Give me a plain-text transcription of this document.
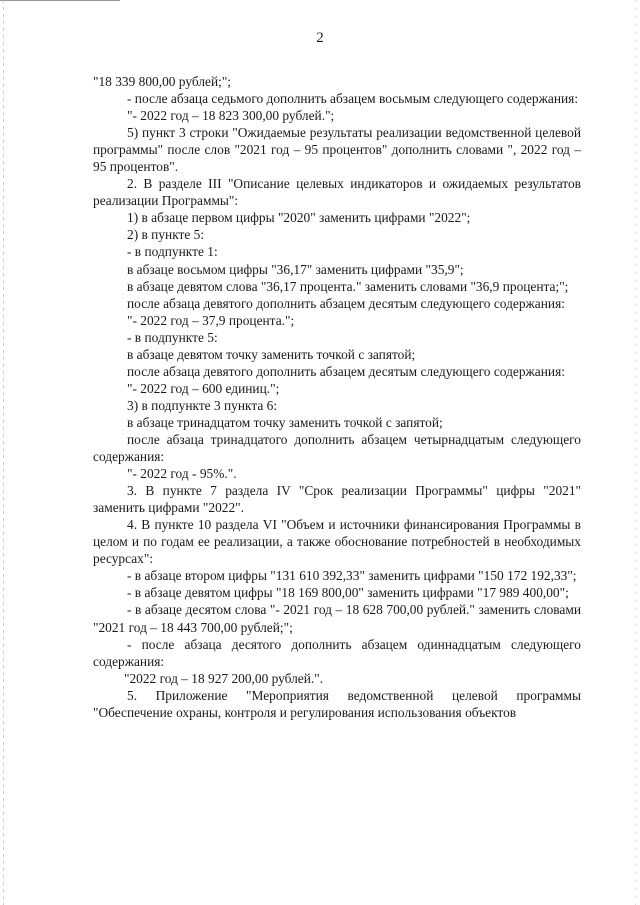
2

"18 339 800,00 рублей;";

- после абзаца седьмого дополнить абзацем восьмым следующего содержания:

"- 2022 год – 18 823 300,00 рублей.";

5) пункт 3 строки "Ожидаемые результаты реализации ведомственной целевой программы" после слов "2021 год – 95 процентов" дополнить словами ", 2022 год – 95 процентов".

2. В разделе III "Описание целевых индикаторов и ожидаемых результатов реализации Программы":

1) в абзаце первом цифры "2020" заменить цифрами "2022";

2) в пункте 5:

- в подпункте 1:

в абзаце восьмом цифры "36,17" заменить цифрами "35,9";

в абзаце девятом слова "36,17 процента." заменить словами "36,9 процента;";

после абзаца девятого дополнить абзацем десятым следующего содержания:

"- 2022 год – 37,9 процента.";

- в подпункте 5:

в абзаце девятом точку заменить точкой с запятой;

после абзаца девятого дополнить абзацем десятым следующего содержания:

"- 2022 год – 600 единиц.";

3) в подпункте 3 пункта 6:

в абзаце тринадцатом точку заменить точкой с запятой;

после абзаца тринадцатого дополнить абзацем четырнадцатым следующего содержания:

"- 2022 год - 95%.".

3. В пункте 7 раздела IV "Срок реализации Программы" цифры "2021" заменить цифрами "2022".

4. В пункте 10 раздела VI "Объем и источники финансирования Программы в целом и по годам ее реализации, а также обоснование потребностей в необходимых ресурсах":

- в абзаце втором цифры "131 610 392,33" заменить цифрами "150 172 192,33";

- в абзаце девятом цифры "18 169 800,00" заменить цифрами "17 989 400,00";

- в абзаце десятом слова "- 2021 год – 18 628 700,00 рублей." заменить словами "2021 год – 18 443 700,00 рублей;";

- после абзаца десятого дополнить абзацем одиннадцатым следующего содержания:

"2022 год – 18 927 200,00 рублей.".

5. Приложение "Мероприятия ведомственной целевой программы "Обеспечение охраны, контроля и регулирования использования объектов
